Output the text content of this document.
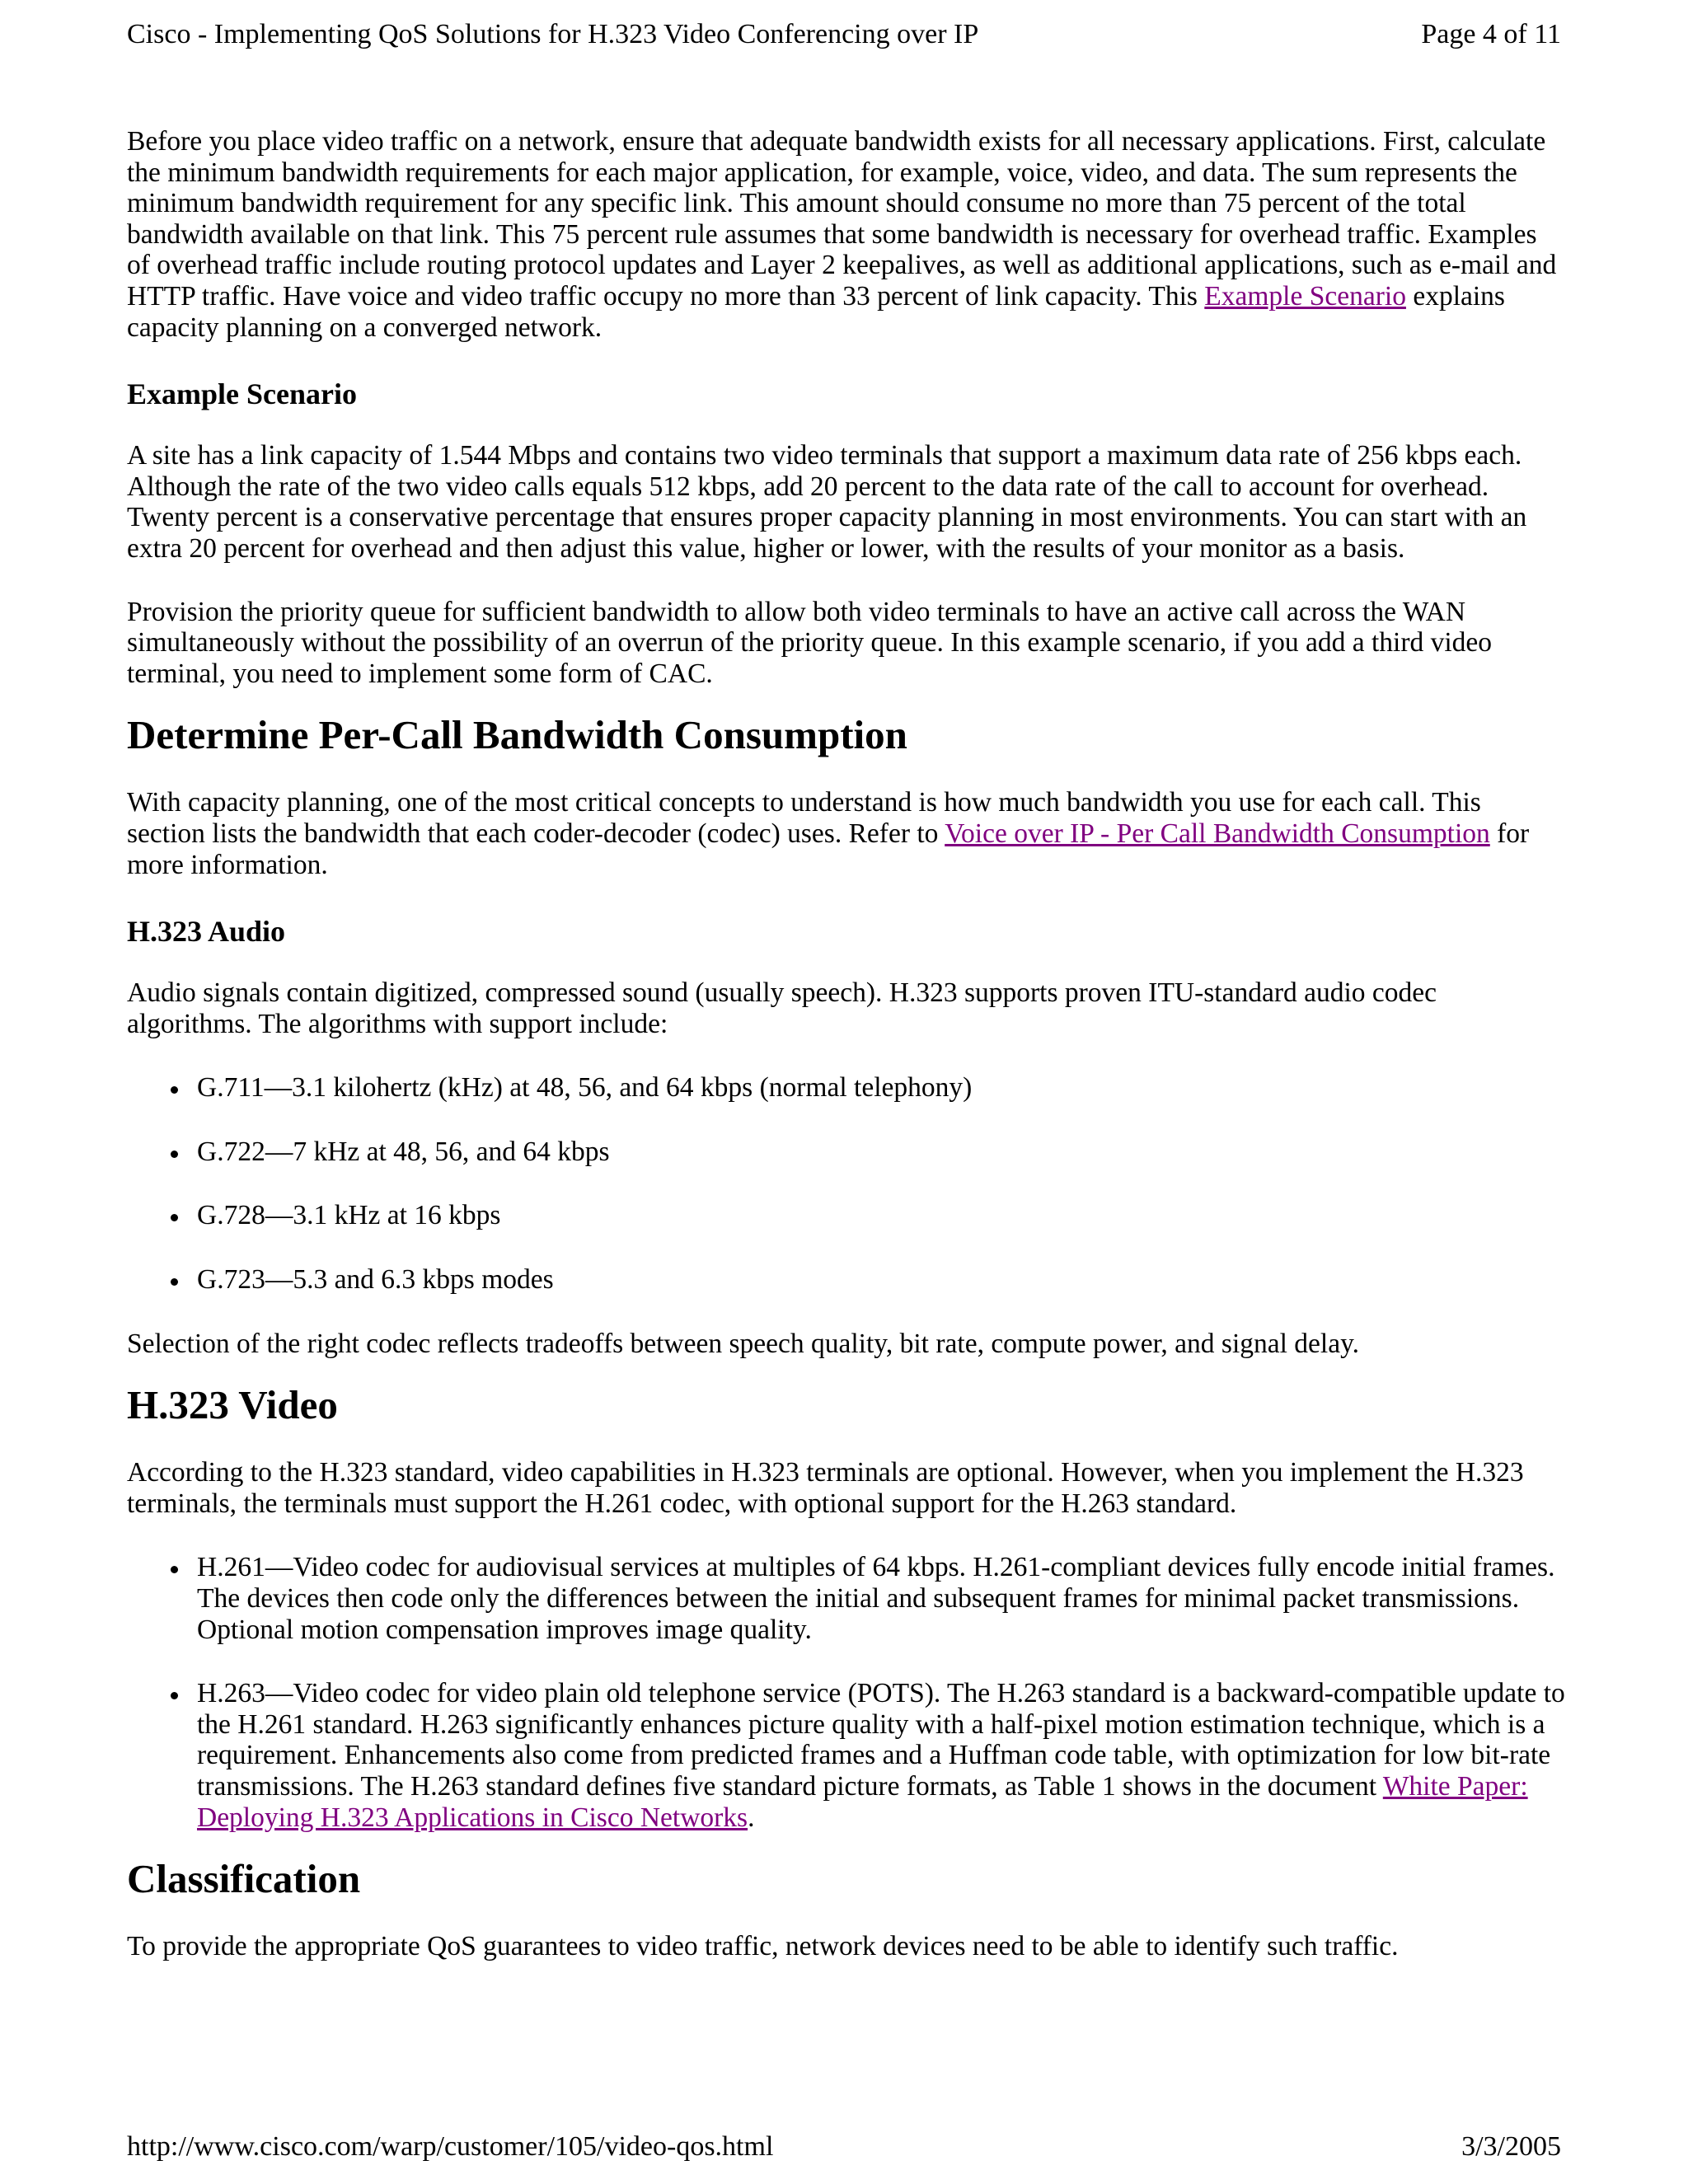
Cisco - Implementing QoS Solutions for H.323 Video Conferencing over IP	Page 4 of 11

Before you place video traffic on a network, ensure that adequate bandwidth exists for all necessary applications. First, calculate the minimum bandwidth requirements for each major application, for example, voice, video, and data. The sum represents the minimum bandwidth requirement for any specific link. This amount should consume no more than 75 percent of the total bandwidth available on that link. This 75 percent rule assumes that some bandwidth is necessary for overhead traffic. Examples of overhead traffic include routing protocol updates and Layer 2 keepalives, as well as additional applications, such as e-mail and HTTP traffic. Have voice and video traffic occupy no more than 33 percent of link capacity. This Example Scenario explains capacity planning on a converged network.

Example Scenario

A site has a link capacity of 1.544 Mbps and contains two video terminals that support a maximum data rate of 256 kbps each. Although the rate of the two video calls equals 512 kbps, add 20 percent to the data rate of the call to account for overhead. Twenty percent is a conservative percentage that ensures proper capacity planning in most environments. You can start with an extra 20 percent for overhead and then adjust this value, higher or lower, with the results of your monitor as a basis.

Provision the priority queue for sufficient bandwidth to allow both video terminals to have an active call across the WAN simultaneously without the possibility of an overrun of the priority queue. In this example scenario, if you add a third video terminal, you need to implement some form of CAC.

Determine Per-Call Bandwidth Consumption

With capacity planning, one of the most critical concepts to understand is how much bandwidth you use for each call. This section lists the bandwidth that each coder-decoder (codec) uses. Refer to Voice over IP - Per Call Bandwidth Consumption for more information.

H.323 Audio

Audio signals contain digitized, compressed sound (usually speech). H.323 supports proven ITU-standard audio codec algorithms. The algorithms with support include:

G.711—3.1 kilohertz (kHz) at 48, 56, and 64 kbps (normal telephony)
G.722—7 kHz at 48, 56, and 64 kbps
G.728—3.1 kHz at 16 kbps
G.723—5.3 and 6.3 kbps modes

Selection of the right codec reflects tradeoffs between speech quality, bit rate, compute power, and signal delay.

H.323 Video

According to the H.323 standard, video capabilities in H.323 terminals are optional. However, when you implement the H.323 terminals, the terminals must support the H.261 codec, with optional support for the H.263 standard.

H.261—Video codec for audiovisual services at multiples of 64 kbps. H.261-compliant devices fully encode initial frames. The devices then code only the differences between the initial and subsequent frames for minimal packet transmissions. Optional motion compensation improves image quality.
H.263—Video codec for video plain old telephone service (POTS). The H.263 standard is a backward-compatible update to the H.261 standard. H.263 significantly enhances picture quality with a half-pixel motion estimation technique, which is a requirement. Enhancements also come from predicted frames and a Huffman code table, with optimization for low bit-rate transmissions. The H.263 standard defines five standard picture formats, as Table 1 shows in the document White Paper: Deploying H.323 Applications in Cisco Networks.
Classification

To provide the appropriate QoS guarantees to video traffic, network devices need to be able to identify such traffic.

http://www.cisco.com/warp/customer/105/video-qos.html	3/3/2005
